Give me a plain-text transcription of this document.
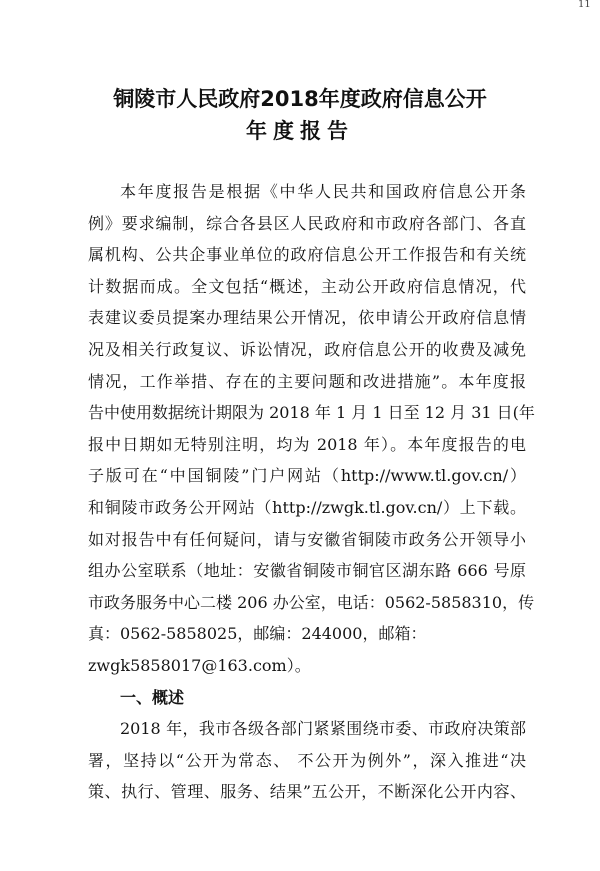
11
铜陵市人民政府2018年度政府信息公开
年度报告
本年度报告是根据《中华人民共和国政府信息公开条
例》要求编制，综合各县区人民政府和市政府各部门、各直
属机构、公共企事业单位的政府信息公开工作报告和有关统
计数据而成。全文包括“概述，主动公开政府信息情况，代
表建议委员提案办理结果公开情况，依申请公开政府信息情
况及相关行政复议、诉讼情况，政府信息公开的收费及减免
情况，工作举措、存在的主要问题和改进措施”。本年度报
告中使用数据统计期限为 2018 年 1 月 1 日至 12 月 31 日(年
报中日期如无特别注明，均为 2018 年）。本年度报告的电
子版可在“中国铜陵”门户网站（http://www.tl.gov.cn/）
和铜陵市政务公开网站（http://zwgk.tl.gov.cn/）上下载。
如对报告中有任何疑问，请与安徽省铜陵市政务公开领导小
组办公室联系（地址：安徽省铜陵市铜官区湖东路 666 号原
市政务服务中心二楼 206 办公室，电话：0562-5858310，传
真：0562-5858025，邮编：244000，邮箱：
zwgk5858017@163.com）。
一、概述
2018 年，我市各级各部门紧紧围绕市委、市政府决策部
署，坚持以“公开为常态、 不公开为例外”，深入推进“决
策、执行、管理、服务、结果”五公开，不断深化公开内容、
